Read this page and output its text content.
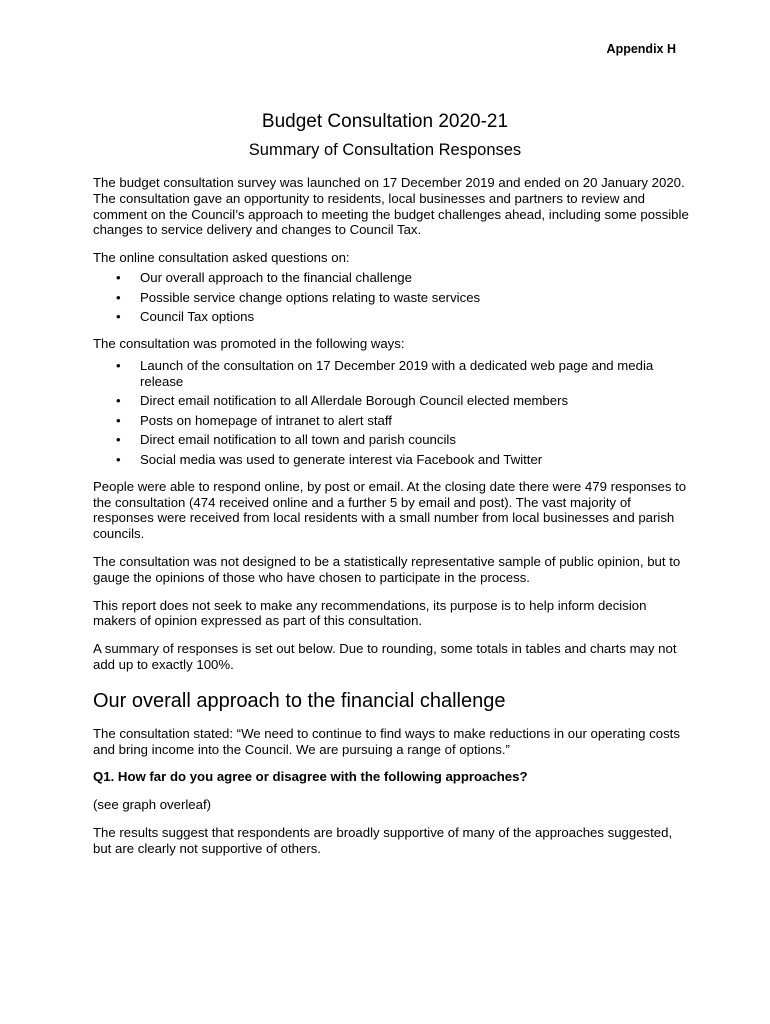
Appendix H
Budget Consultation 2020-21
Summary of Consultation Responses

The budget consultation survey was launched on 17 December 2019 and ended on 20 January 2020. The consultation gave an opportunity to residents, local businesses and partners to review and comment on the Council’s approach to meeting the budget challenges ahead, including some possible changes to service delivery and changes to Council Tax.

The online consultation asked questions on:

• Our overall approach to the financial challenge
• Possible service change options relating to waste services
• Council Tax options

The consultation was promoted in the following ways:

• Launch of the consultation on 17 December 2019 with a dedicated web page and media release
• Direct email notification to all Allerdale Borough Council elected members
• Posts on homepage of intranet to alert staff
• Direct email notification to all town and parish councils
• Social media was used to generate interest via Facebook and Twitter

People were able to respond online, by post or email. At the closing date there were 479 responses to the consultation (474 received online and a further 5 by email and post). The vast majority of responses were received from local residents with a small number from local businesses and parish councils.

The consultation was not designed to be a statistically representative sample of public opinion, but to gauge the opinions of those who have chosen to participate in the process.

This report does not seek to make any recommendations, its purpose is to help inform decision makers of opinion expressed as part of this consultation.

A summary of responses is set out below. Due to rounding, some totals in tables and charts may not add up to exactly 100%.

Our overall approach to the financial challenge

The consultation stated: “We need to continue to find ways to make reductions in our operating costs and bring income into the Council. We are pursuing a range of options.”

Q1. How far do you agree or disagree with the following approaches?

(see graph overleaf)

The results suggest that respondents are broadly supportive of many of the approaches suggested, but are clearly not supportive of others.
